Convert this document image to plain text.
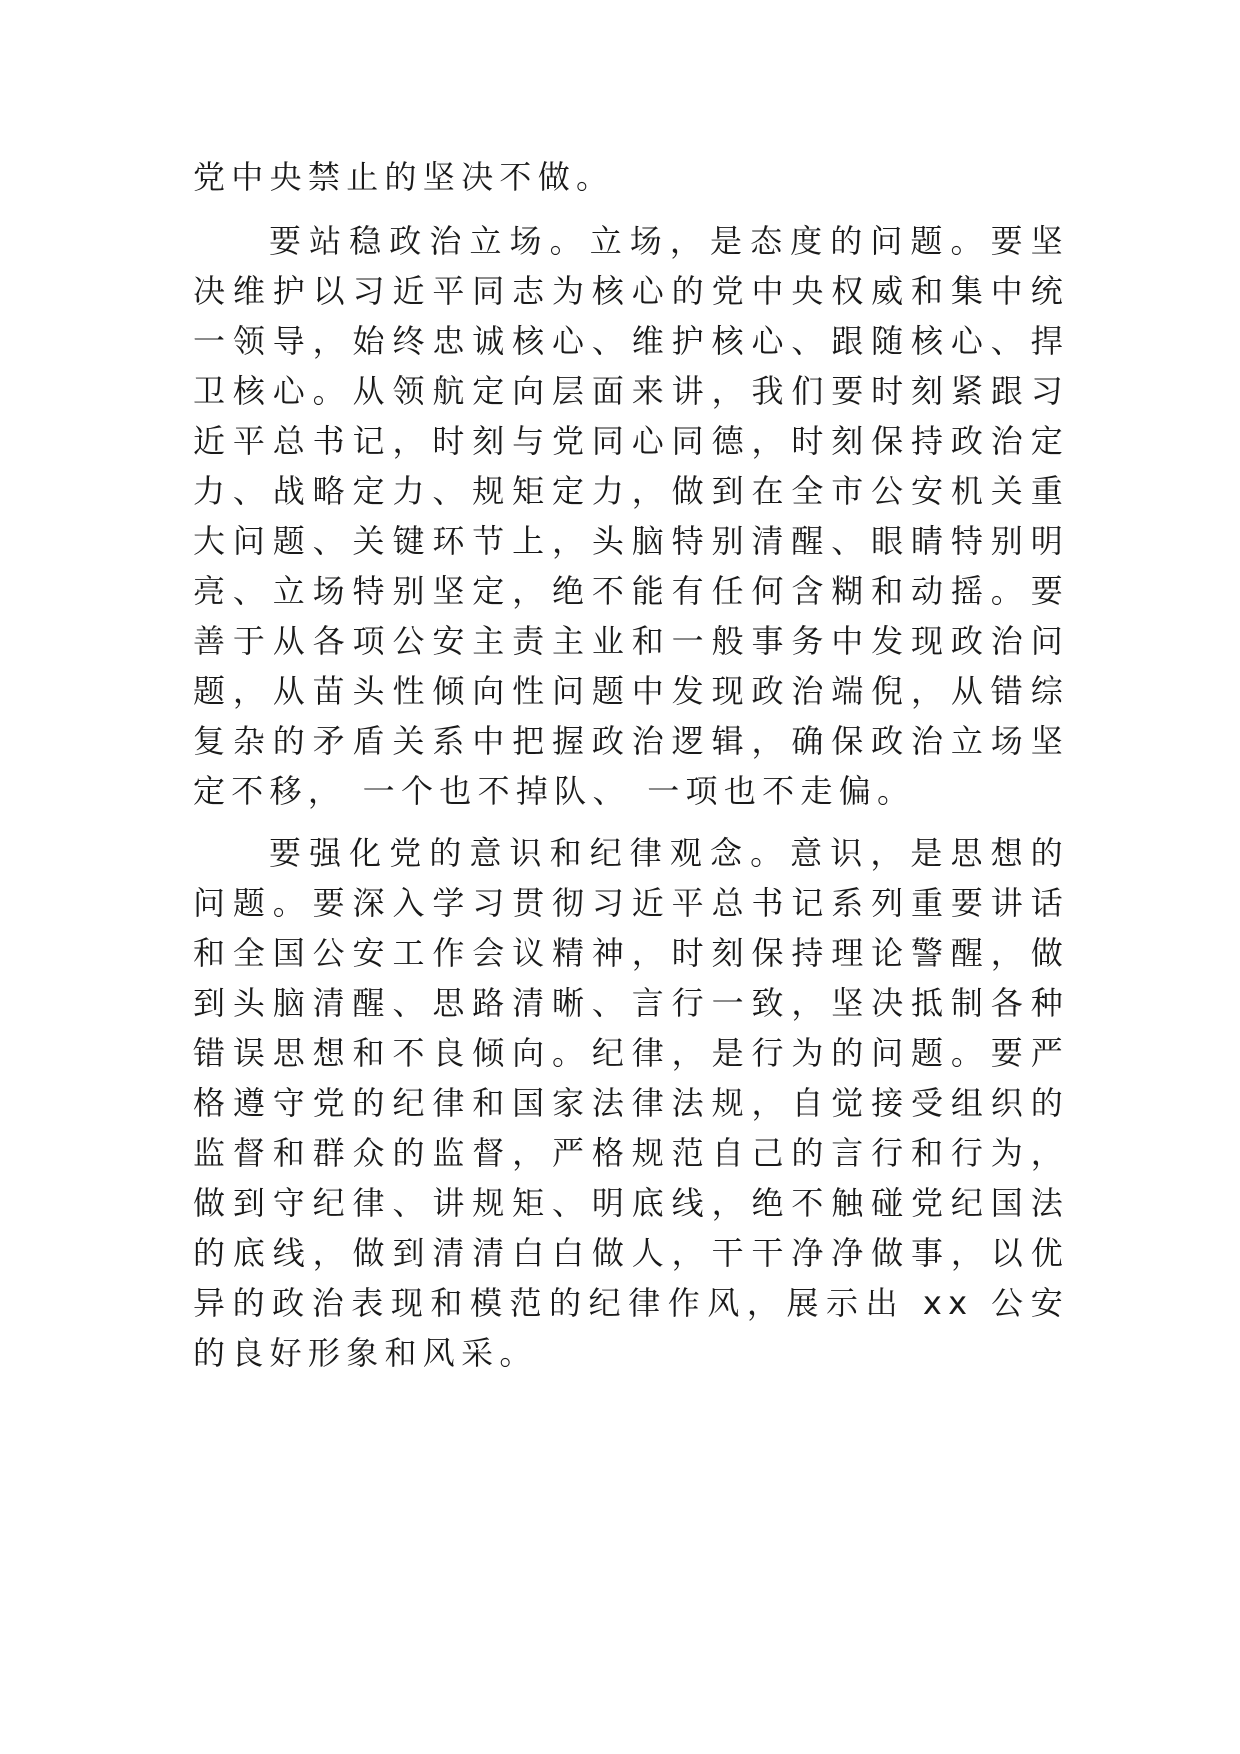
党中央禁止的坚决不做。

要站稳政治立场。立场，是态度的问题。要坚决维护以习近平同志为核心的党中央权威和集中统一领导，始终忠诚核心、维护核心、跟随核心、捍卫核心。从领航定向层面来讲，我们要时刻紧跟习近平总书记，时刻与党同心同德，时刻保持政治定力、战略定力、规矩定力，做到在全市公安机关重大问题、关键环节上，头脑特别清醒、眼睛特别明亮、立场特别坚定，绝不能有任何含糊和动摇。要善于从各项公安主责主业和一般事务中发现政治问题，从苗头性倾向性问题中发现政治端倪，从错综复杂的矛盾关系中把握政治逻辑，确保政治立场坚定不移， 一个也不掉队、 一项也不走偏。

要强化党的意识和纪律观念。意识，是思想的问题。要深入学习贯彻习近平总书记系列重要讲话和全国公安工作会议精神，时刻保持理论警醒，做到头脑清醒、思路清晰、言行一致，坚决抵制各种错误思想和不良倾向。纪律，是行为的问题。要严格遵守党的纪律和国家法律法规，自觉接受组织的监督和群众的监督，严格规范自己的言行和行为，做到守纪律、讲规矩、明底线，绝不触碰党纪国法的底线，做到清清白白做人，干干净净做事，以优异的政治表现和模范的纪律作风，展示出 xx 公安的良好形象和风采。
